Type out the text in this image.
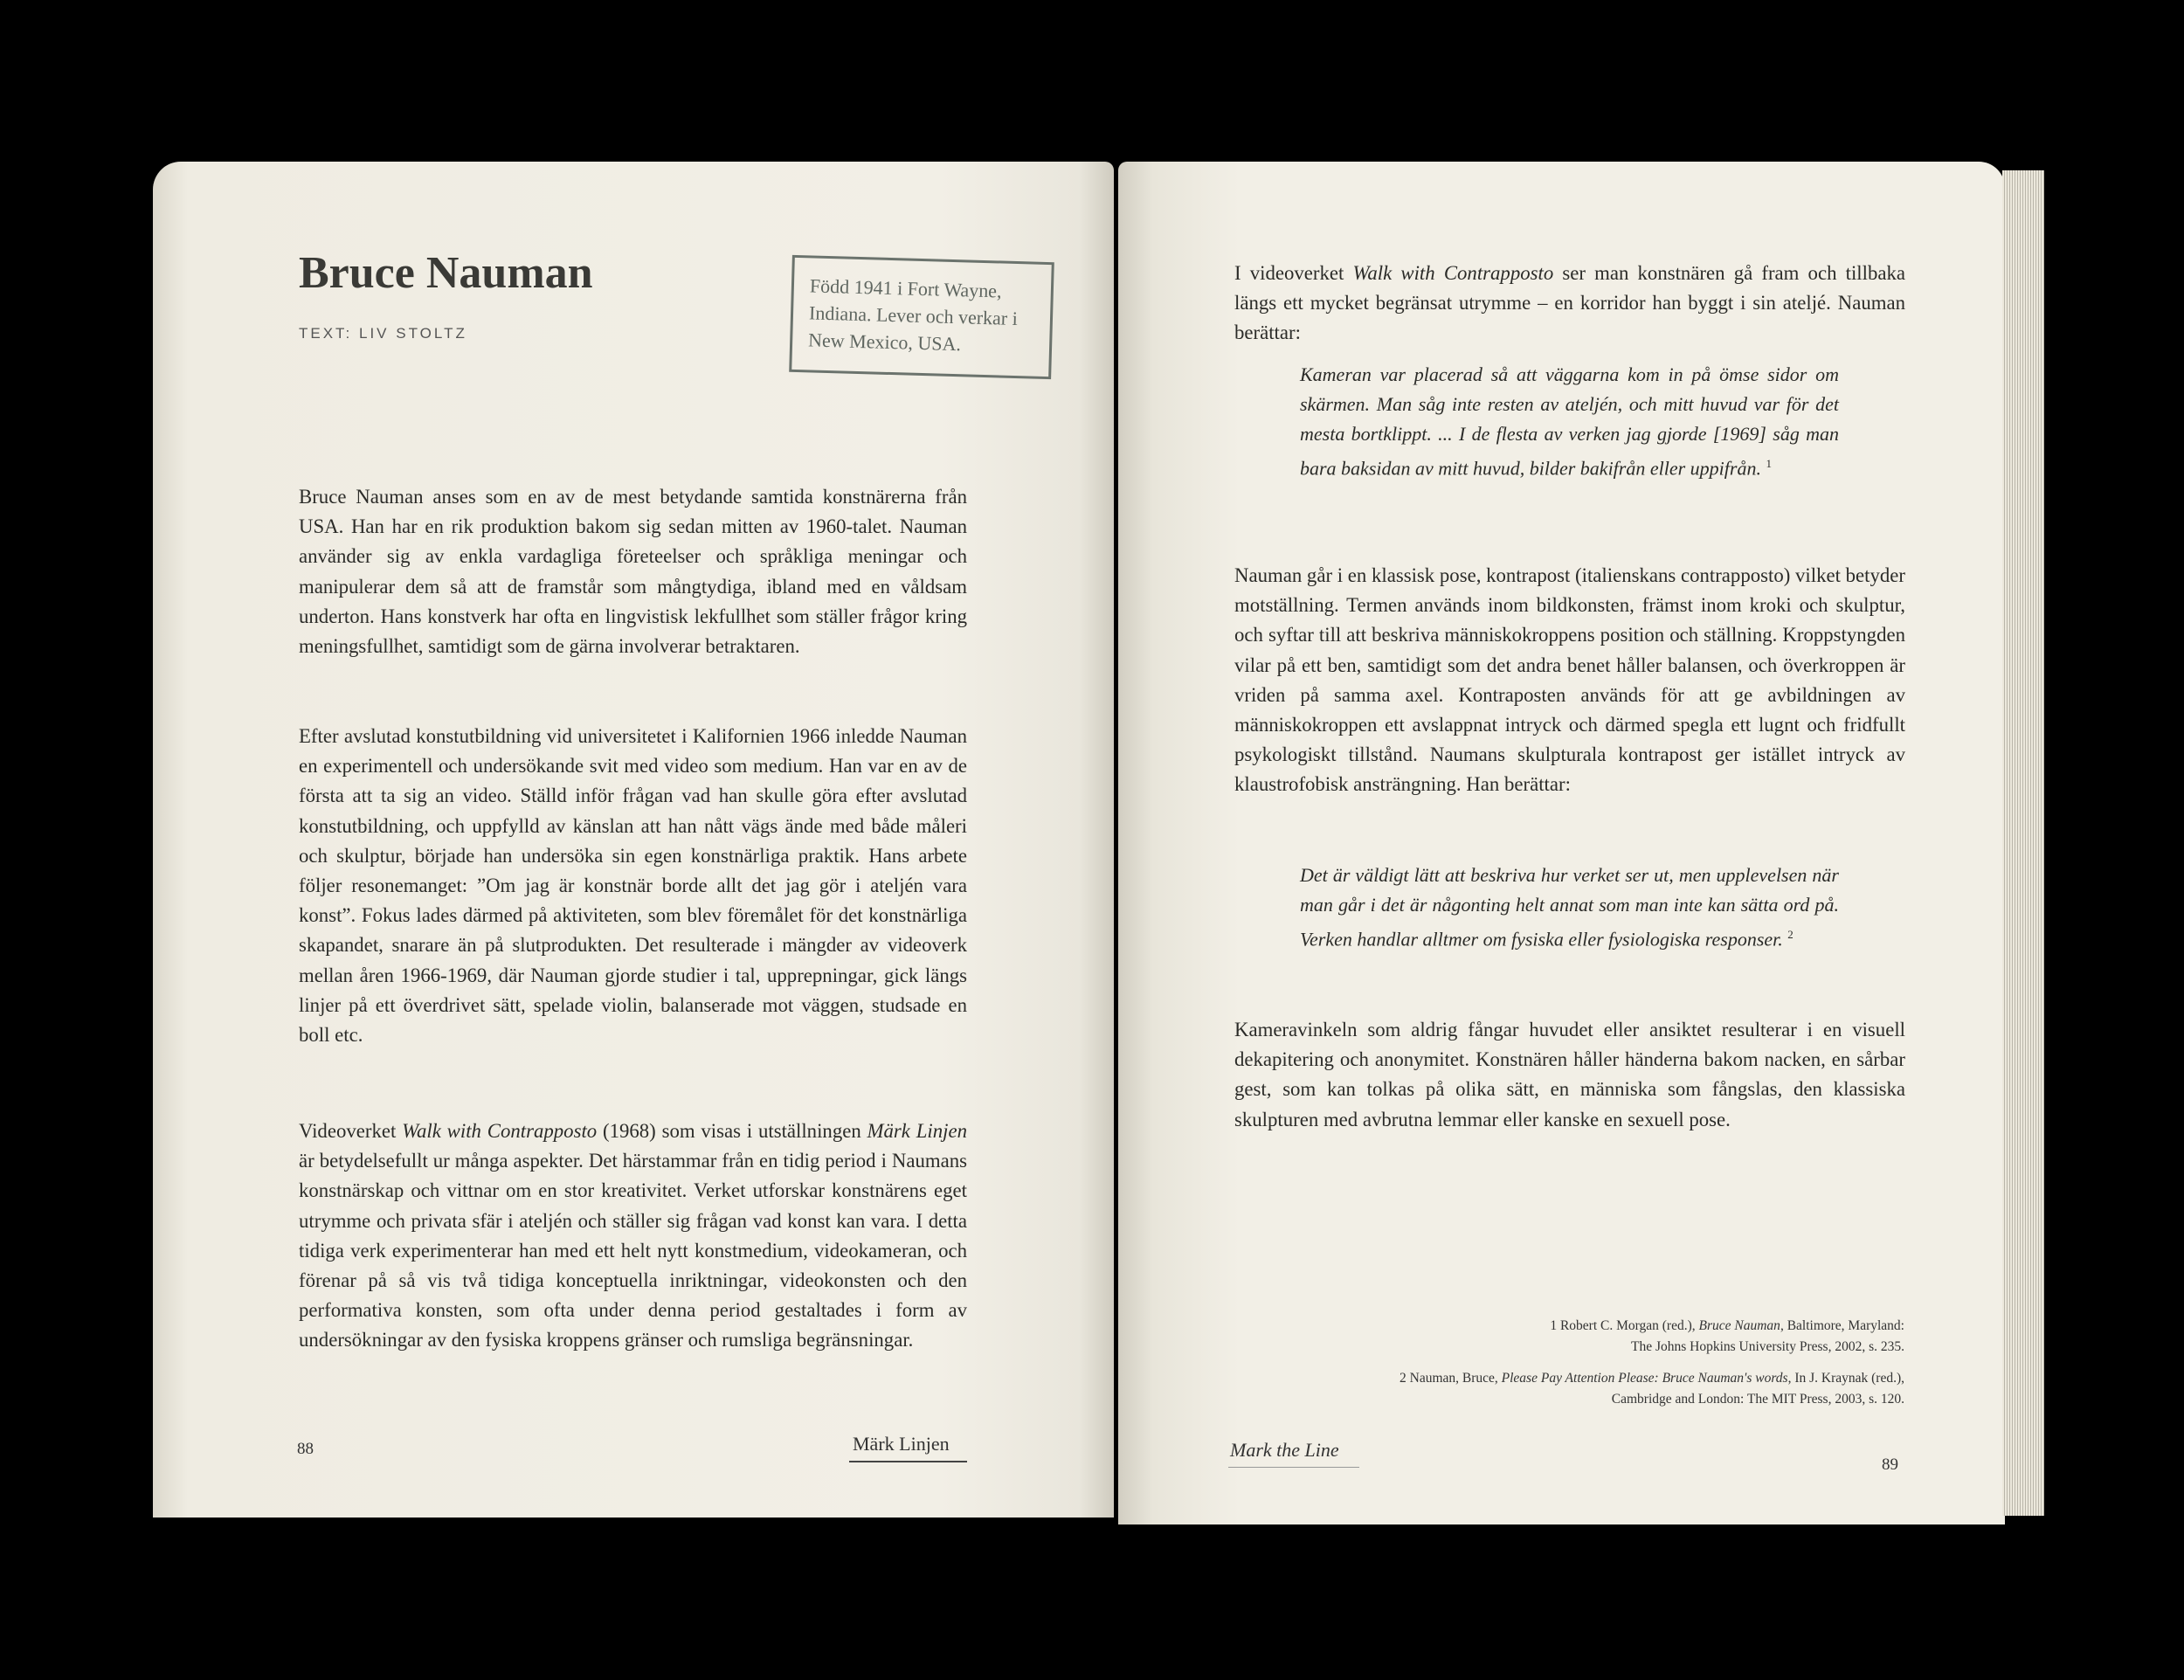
Bruce Nauman
TEXT: LIV STOLTZ
Född 1941 i Fort Wayne, Indiana. Lever och verkar i New Mexico, USA.

Bruce Nauman anses som en av de mest betydande samtida konstnärerna från USA. Han har en rik produktion bakom sig sedan mitten av 1960-talet. Nauman använder sig av enkla vardagliga företeelser och språkliga meningar och manipulerar dem så att de framstår som mångtydiga, ibland med en våldsam underton. Hans konstverk har ofta en lingvistisk lekfullhet som ställer frågor kring meningsfullhet, samtidigt som de gärna involverar betraktaren.

Efter avslutad konstutbildning vid universitetet i Kalifornien 1966 inledde Nauman en experimentell och undersökande svit med video som medium. Han var en av de första att ta sig an video. Ställd inför frågan vad han skulle göra efter avslutad konstutbildning, och uppfylld av känslan att han nått vägs ände med både måleri och skulptur, började han undersöka sin egen konstnärliga praktik. Hans arbete följer resonemanget: ”Om jag är konstnär borde allt det jag gör i ateljén vara konst”. Fokus lades därmed på aktiviteten, som blev föremålet för det konstnärliga skapandet, snarare än på slutprodukten. Det resulterade i mängder av videoverk mellan åren 1966-1969, där Nauman gjorde studier i tal, upprepningar, gick längs linjer på ett överdrivet sätt, spelade violin, balanserade mot väggen, studsade en boll etc.

Videoverket Walk with Contrapposto (1968) som visas i utställningen Märk Linjen är betydelsefullt ur många aspekter. Det härstammar från en tidig period i Naumans konstnärskap och vittnar om en stor kreativitet. Verket utforskar konstnärens eget utrymme och privata sfär i ateljén och ställer sig frågan vad konst kan vara. I detta tidiga verk experimenterar han med ett helt nytt konstmedium, videokameran, och förenar på så vis två tidiga konceptuella inriktningar, videokonsten och den performativa konsten, som ofta under denna period gestaltades i form av undersökningar av den fysiska kroppens gränser och rumsliga begränsningar.

88	Märk Linjen

I videoverket Walk with Contrapposto ser man konstnären gå fram och tillbaka längs ett mycket begränsat utrymme – en korridor han byggt i sin ateljé. Nauman berättar:

Kameran var placerad så att väggarna kom in på ömse sidor om skärmen. Man såg inte resten av ateljén, och mitt huvud var för det mesta bortklippt. ... I de flesta av verken jag gjorde [1969] såg man bara baksidan av mitt huvud, bilder bakifrån eller uppifrån. $^1$

Nauman går i en klassisk pose, kontrapost (italienskans contrapposto) vilket betyder motställning. Termen används inom bildkonsten, främst inom kroki och skulptur, och syftar till att beskriva människokroppens position och ställning. Kroppstyngden vilar på ett ben, samtidigt som det andra benet håller balansen, och överkroppen är vriden på samma axel. Kontraposten används för att ge avbildningen av människokroppen ett avslappnat intryck och därmed spegla ett lugnt och fridfullt psykologiskt tillstånd. Naumans skulpturala kontrapost ger istället intryck av klaustrofobisk ansträngning. Han berättar:

Det är väldigt lätt att beskriva hur verket ser ut, men upplevelsen när man går i det är någonting helt annat som man inte kan sätta ord på. Verken handlar alltmer om fysiska eller fysiologiska responser. $^2$

Kameravinkeln som aldrig fångar huvudet eller ansiktet resulterar i en visuell dekapitering och anonymitet. Konstnären håller händerna bakom nacken, en sårbar gest, som kan tolkas på olika sätt, en människa som fångslas, den klassiska skulpturen med avbrutna lemmar eller kanske en sexuell pose.

1 Robert C. Morgan (red.), Bruce Nauman, Baltimore, Maryland:
The Johns Hopkins University Press, 2002, s. 235.
2 Nauman, Bruce, Please Pay Attention Please: Bruce Nauman's words, In J. Kraynak (red.),
Cambridge and London: The MIT Press, 2003, s. 120.
Mark the Line
89
